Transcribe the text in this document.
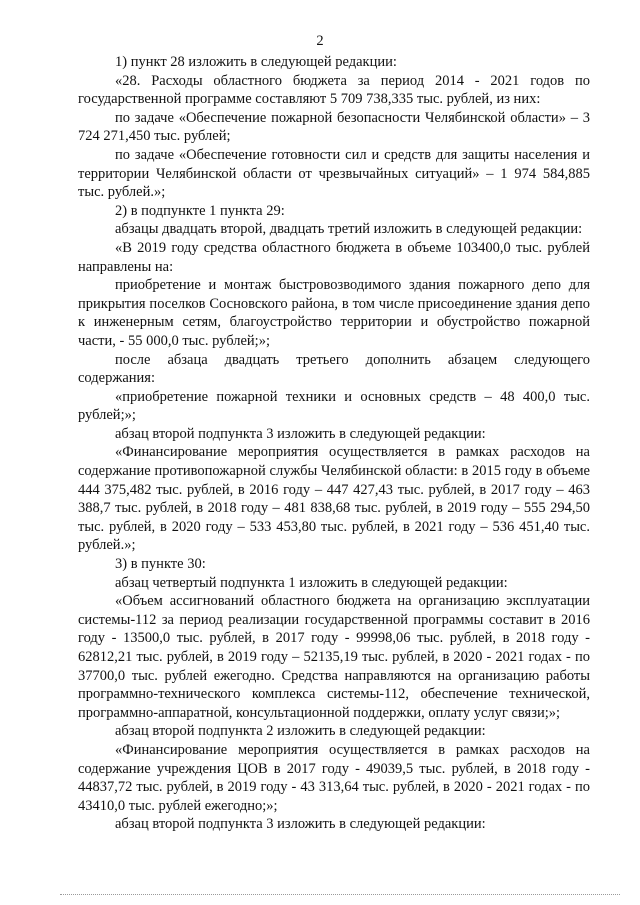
2

1) пункт 28 изложить в следующей редакции:

«28. Расходы областного бюджета за период 2014 - 2021 годов по государственной программе составляют 5 709 738,335 тыс. рублей, из них:

по задаче «Обеспечение пожарной безопасности Челябинской области» – 3 724 271,450 тыс. рублей;

по задаче «Обеспечение готовности сил и средств для защиты населения и территории Челябинской области от чрезвычайных ситуаций» – 1 974 584,885 тыс. рублей.»;

2) в подпункте 1 пункта 29:

абзацы двадцать второй, двадцать третий изложить в следующей редакции:

«В 2019 году средства областного бюджета в объеме 103400,0 тыс. рублей направлены на:

приобретение и монтаж быстровозводимого здания пожарного депо для прикрытия поселков Сосновского района, в том числе присоединение здания депо к инженерным сетям, благоустройство территории и обустройство пожарной части, - 55 000,0 тыс. рублей;»;

после абзаца двадцать третьего дополнить абзацем следующего содержания:

«приобретение пожарной техники и основных средств – 48 400,0 тыс. рублей;»;

абзац второй подпункта 3 изложить в следующей редакции:

«Финансирование мероприятия осуществляется в рамках расходов на содержание противопожарной службы Челябинской области: в 2015 году в объеме 444 375,482 тыс. рублей, в 2016 году – 447 427,43 тыс. рублей, в 2017 году – 463 388,7 тыс. рублей, в 2018 году – 481 838,68 тыс. рублей, в 2019 году – 555 294,50 тыс. рублей, в 2020 году – 533 453,80 тыс. рублей, в 2021 году – 536 451,40 тыс. рублей.»;

3) в пункте 30:

абзац четвертый подпункта 1 изложить в следующей редакции:

«Объем ассигнований областного бюджета на организацию эксплуатации системы-112 за период реализации государственной программы составит в 2016 году - 13500,0 тыс. рублей, в 2017 году - 99998,06 тыс. рублей, в 2018 году - 62812,21 тыс. рублей, в 2019 году – 52135,19 тыс. рублей, в 2020 - 2021 годах - по 37700,0 тыс. рублей ежегодно. Средства направляются на организацию работы программно-технического комплекса системы-112, обеспечение технической, программно-аппаратной, консультационной поддержки, оплату услуг связи;»;

абзац второй подпункта 2 изложить в следующей редакции:

«Финансирование мероприятия осуществляется в рамках расходов на содержание учреждения ЦОВ в 2017 году - 49039,5 тыс. рублей, в 2018 году - 44837,72 тыс. рублей, в 2019 году - 43 313,64 тыс. рублей, в 2020 - 2021 годах - по 43410,0 тыс. рублей ежегодно;»;

абзац второй подпункта 3 изложить в следующей редакции:
